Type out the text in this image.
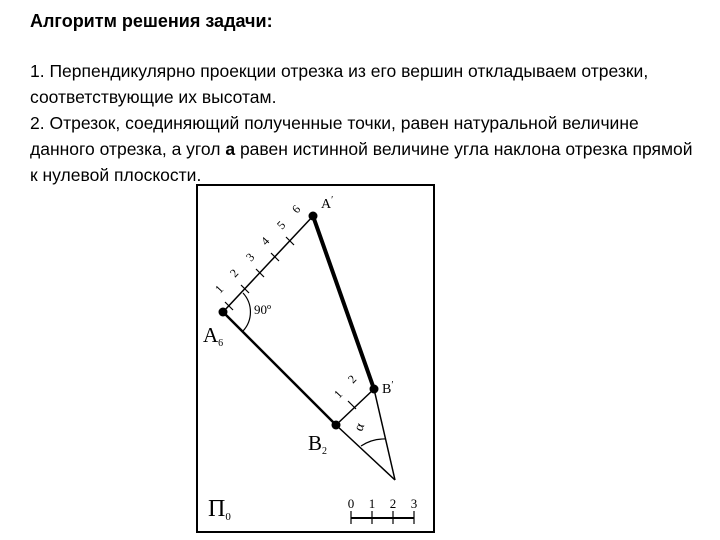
Алгоритм решения задачи:

1. Перпендикулярно проекции отрезка из его вершин откладываем отрезки, соответствующие их высотам.

2. Отрезок, соединяющий полученные точки, равен натуральной величине данного отрезка, а угол a равен истинной величине угла наклона отрезка прямой к нулевой плоскости.

1
2
3
4
5
6
1
2
90º
α
A′
A6
B′
B2
П0
0 1 2 3
